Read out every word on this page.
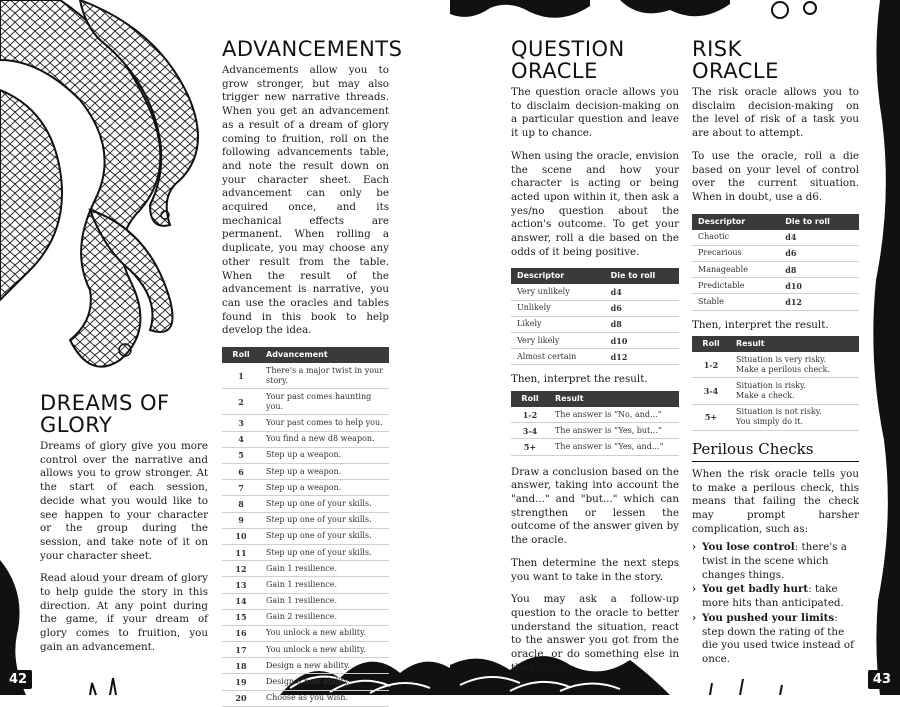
42
DREAMS OF
GLORY

Dreams of glory give you more control over the narrative and allows you to grow stronger. At the start of each session, decide what you would like to see happen to your character or the group during the session, and take note of it on your character sheet.

Read aloud your dream of glory to help guide the story in this direction. At any point during the game, if your dream of glory comes to fruition, you gain an advancement.

ADVANCEMENTS

Advancements allow you to grow stronger, but may also trigger new narrative threads. When you get an advancement as a result of a dream of glory coming to fruition, roll on the following advancements table, and note the result down on your character sheet. Each advancement can only be acquired once, and its mechanical effects are permanent. When rolling a duplicate, you may choose any other result from the table. When the result of the advancement is narrative, you can use the oracles and tables found in this book to help develop the idea.

Roll	Advancement
1	There's a major twist in your story.
2	Your past comes haunting you.
3	Your past comes to help you.
4	You find a new d8 weapon.
5	Step up a weapon.
6	Step up a weapon.
7	Step up a weapon.
8	Step up one of your skills.
9	Step up one of your skills.
10	Step up one of your skills.
11	Step up one of your skills.
12	Gain 1 resilience.
13	Gain 1 resilience.
14	Gain 1 resilience.
15	Gain 2 resilience.
16	You unlock a new ability.
17	You unlock a new ability.
18	Design a new ability.
19	Design a new ability.
20	Choose as you wish.
43
QUESTION
ORACLE

The question oracle allows you to disclaim decision-making on a particular question and leave it up to chance.

When using the oracle, envision the scene and how your character is acting or being acted upon within it, then ask a yes/no question about the action's outcome. To get your answer, roll a die based on the odds of it being positive.

Descriptor	Die to roll
Very unlikely	d4
Unlikely	d6
Likely	d8
Very likely	d10
Almost certain	d12

Then, interpret the result.

Roll	Result
1-2	The answer is “No, and...”
3-4	The answer is “Yes, but...”
5+	The answer is “Yes, and...”

Draw a conclusion based on the answer, taking into account the "and..." and "but..." which can strengthen or lessen the outcome of the answer given by the oracle.

Then determine the next steps you want to take in the story.

You may ask a follow-up question to the oracle to better understand the situation, react to the answer you got from the oracle, or do something else in the fiction.

RISK
ORACLE

The risk oracle allows you to disclaim decision-making on the level of risk of a task you are about to attempt.

To use the oracle, roll a die based on your level of control over the current situation. When in doubt, use a d6.

Descriptor	Die to roll
Chaotic	d4
Precarious	d6
Manageable	d8
Predictable	d10
Stable	d12

Then, interpret the result.

Roll	Result
1-2	Situation is very risky.
Make a perilous check.
3-4	Situation is risky.
Make a check.
5+	Situation is not risky.
You simply do it.
Perilous Checks

When the risk oracle tells you to make a perilous check, this means that failing the check may prompt harsher complication, such as:

› You lose control: there's a twist in the scene which changes things.
› You get badly hurt: take more hits than anticipated.
› You pushed your limits: step down the rating of the die you used twice instead of once.
